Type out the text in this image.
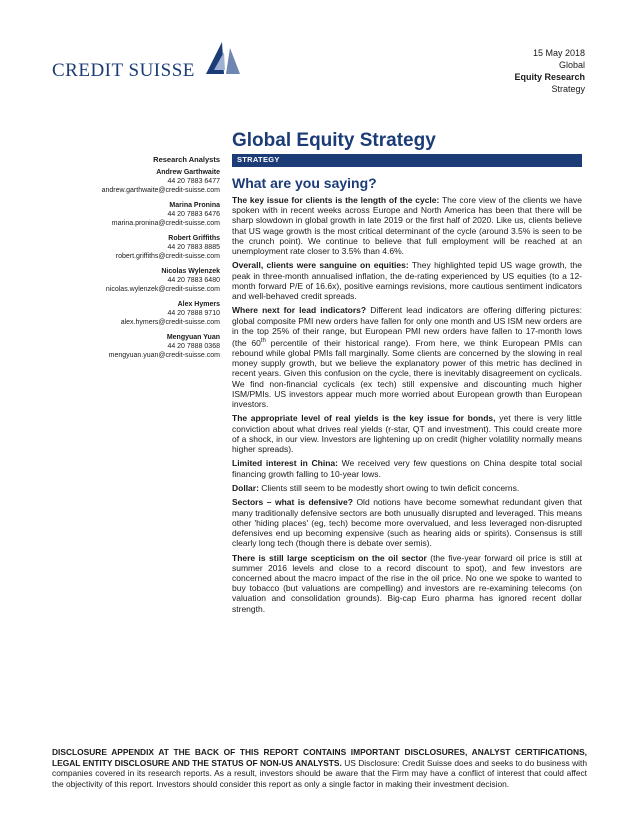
CREDIT SUISSE
15 May 2018
Global
Equity Research
Strategy
Global Equity Strategy
STRATEGY
Research Analysts
Andrew Garthwaite
44 20 7883 6477
andrew.garthwaite@credit-suisse.com
Marina Pronina
44 20 7883 6476
marina.pronina@credit-suisse.com
Robert Griffiths
44 20 7883 8885
robert.griffiths@credit-suisse.com
Nicolas Wylenzek
44 20 7883 6480
nicolas.wylenzek@credit-suisse.com
Alex Hymers
44 20 7888 9710
alex.hymers@credit-suisse.com
Mengyuan Yuan
44 20 7888 0368
mengyuan.yuan@credit-suisse.com
What are you saying?

The key issue for clients is the length of the cycle: The core view of the clients we have spoken with in recent weeks across Europe and North America has been that there will be sharp slowdown in global growth in late 2019 or the first half of 2020. Like us, clients believe that US wage growth is the most critical determinant of the cycle (around 3.5% is seen to be the crunch point). We continue to believe that full employment will be reached at an unemployment rate closer to 3.5% than 4.6%.

Overall, clients were sanguine on equities: They highlighted tepid US wage growth, the peak in three-month annualised inflation, the de-rating experienced by US equities (to a 12-month forward P/E of 16.6x), positive earnings revisions, more cautious sentiment indicators and well-behaved credit spreads.

Where next for lead indicators? Different lead indicators are offering differing pictures: global composite PMI new orders have fallen for only one month and US ISM new orders are in the top 25% of their range, but European PMI new orders have fallen to 17-month lows (the 60th percentile of their historical range). From here, we think European PMIs can rebound while global PMIs fall marginally. Some clients are concerned by the slowing in real money supply growth, but we believe the explanatory power of this metric has declined in recent years. Given this confusion on the cycle, there is inevitably disagreement on cyclicals. We find non-financial cyclicals (ex tech) still expensive and discounting much higher ISM/PMIs. US investors appear much more worried about European growth than European investors.

The appropriate level of real yields is the key issue for bonds, yet there is very little conviction about what drives real yields (r-star, QT and investment). This could create more of a shock, in our view. Investors are lightening up on credit (higher volatility normally means higher spreads).

Limited interest in China: We received very few questions on China despite total social financing growth falling to 10-year lows.

Dollar: Clients still seem to be modestly short owing to twin deficit concerns.

Sectors – what is defensive? Old notions have become somewhat redundant given that many traditionally defensive sectors are both unusually disrupted and leveraged. This means other 'hiding places' (eg, tech) become more overvalued, and less leveraged non-disrupted defensives end up becoming expensive (such as hearing aids or spirits). Consensus is still clearly long tech (though there is debate over semis).

There is still large scepticism on the oil sector (the five-year forward oil price is still at summer 2016 levels and close to a record discount to spot), and few investors are concerned about the macro impact of the rise in the oil price. No one we spoke to wanted to buy tobacco (but valuations are compelling) and investors are re-examining telecoms (on valuation and consolidation grounds). Big-cap Euro pharma has ignored recent dollar strength.

DISCLOSURE APPENDIX AT THE BACK OF THIS REPORT CONTAINS IMPORTANT DISCLOSURES, ANALYST CERTIFICATIONS, LEGAL ENTITY DISCLOSURE AND THE STATUS OF NON-US ANALYSTS. US Disclosure: Credit Suisse does and seeks to do business with companies covered in its research reports. As a result, investors should be aware that the Firm may have a conflict of interest that could affect the objectivity of this report. Investors should consider this report as only a single factor in making their investment decision.
